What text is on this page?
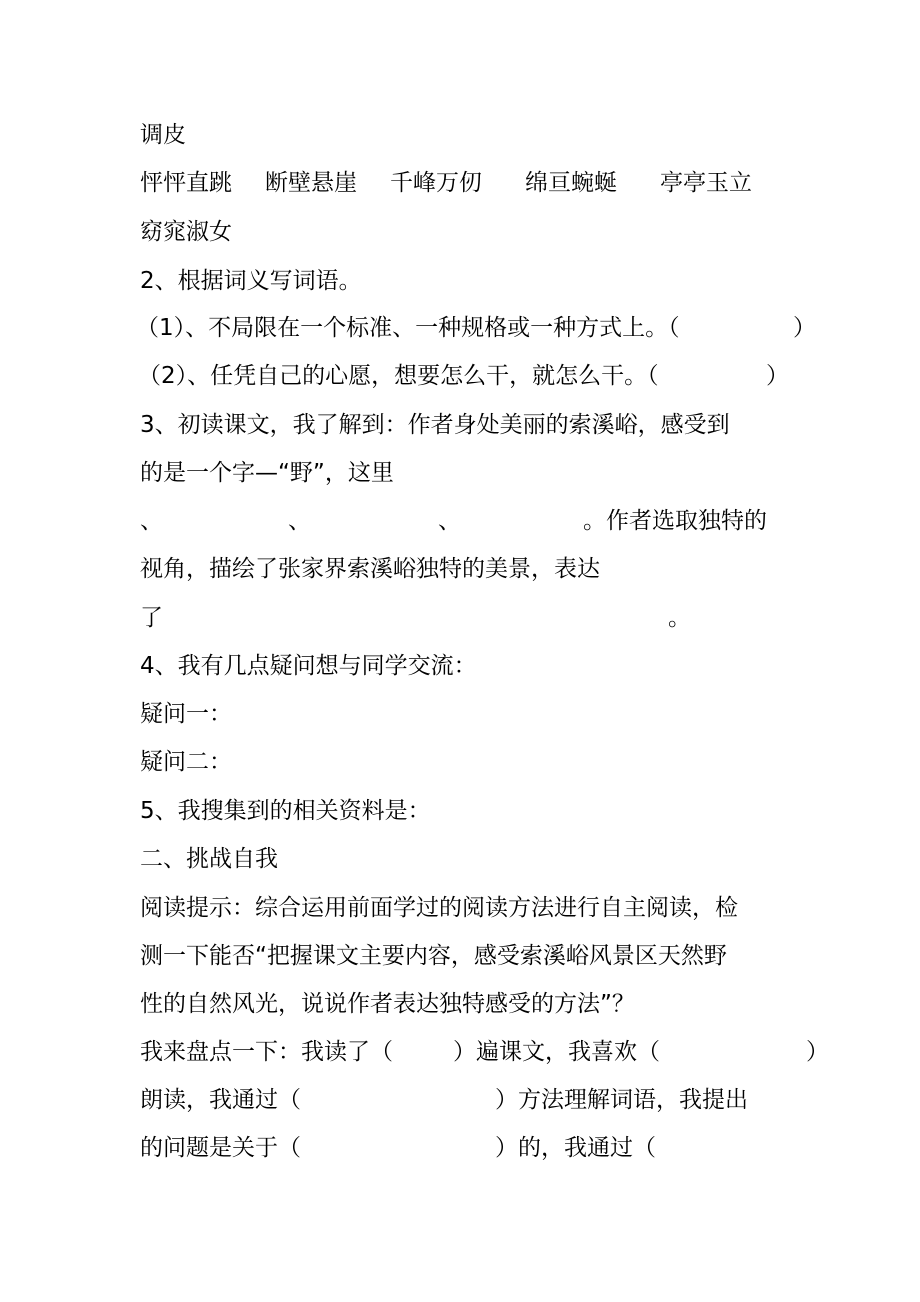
调皮
怦怦直跳 断壁悬崖 千峰万仞 绵亘蜿蜒 亭亭玉立
窈窕淑女
2、根据词义写词语。
（1）、不局限在一个标准、一种规格或一种方式上。（	）
（2）、任凭自己的心愿，想要怎么干，就怎么干。（	）
3、初读课文，我了解到：作者身处美丽的索溪峪，感受到
的是一个字—“野”，这里
、	、	、	。作者选取独特的
视角，描绘了张家界索溪峪独特的美景，表达
了	。
4、我有几点疑问想与同学交流：
疑问一：
疑问二：
5、我搜集到的相关资料是：
二、挑战自我
阅读提示：综合运用前面学过的阅读方法进行自主阅读，检
测一下能否“把握课文主要内容，感受索溪峪风景区天然野
性的自然风光，说说作者表达独特感受的方法”？
我来盘点一下：我读了（	）遍课文，我喜欢（	）
朗读，我通过（	）方法理解词语，我提出
的问题是关于（	）的，我通过（
